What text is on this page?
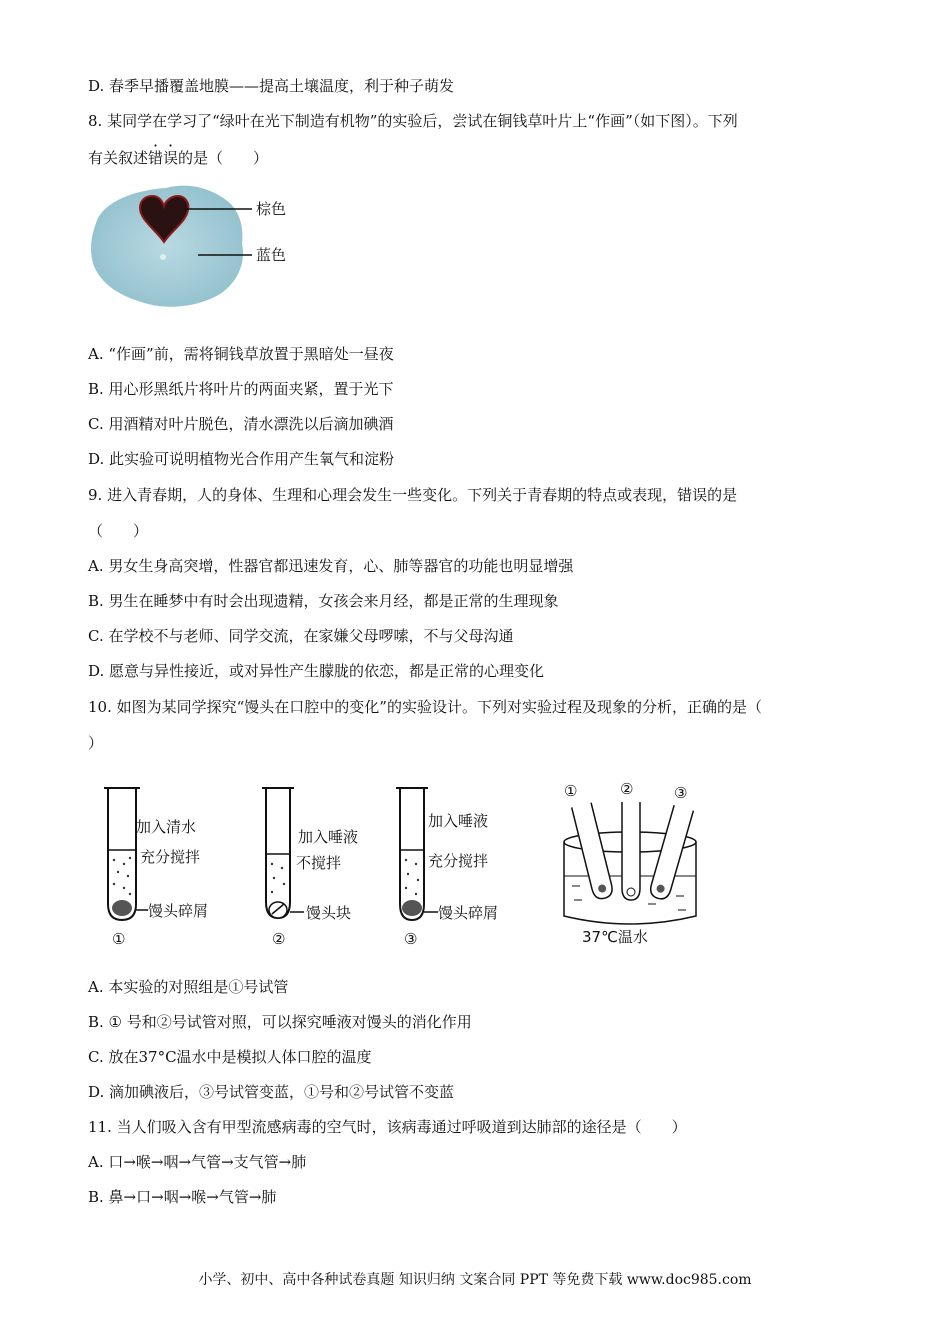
D. 春季早播覆盖地膜——提高土壤温度，利于种子萌发
8. 某同学在学习了“绿叶在光下制造有机物”的实验后，尝试在铜钱草叶片上“作画”（如下图）。下列
有关叙述错误的是（　　）
棕色
蓝色
A. “作画”前，需将铜钱草放置于黑暗处一昼夜
B. 用心形黑纸片将叶片的两面夹紧，置于光下
C. 用酒精对叶片脱色，清水漂洗以后滴加碘酒
D. 此实验可说明植物光合作用产生氧气和淀粉
9. 进入青春期，人的身体、生理和心理会发生一些变化。下列关于青春期的特点或表现，错误的是
（　　）
A. 男女生身高突增，性器官都迅速发育，心、肺等器官的功能也明显增强
B. 男生在睡梦中有时会出现遗精，女孩会来月经，都是正常的生理现象
C. 在学校不与老师、同学交流，在家嫌父母啰嗦，不与父母沟通
D. 愿意与异性接近，或对异性产生朦胧的依恋，都是正常的心理变化
10. 如图为某同学探究“馒头在口腔中的变化”的实验设计。下列对实验过程及现象的分析，正确的是（
）
加入清水
充分搅拌
馒头碎屑
①
加入唾液
不搅拌
馒头块
②
加入唾液
充分搅拌
馒头碎屑
③
①	②	③
37℃温水
A. 本实验的对照组是①号试管
B. ① 号和②号试管对照，可以探究唾液对馒头的消化作用
C. 放在37°C温水中是模拟人体口腔的温度
D. 滴加碘液后，③号试管变蓝，①号和②号试管不变蓝
11. 当人们吸入含有甲型流感病毒的空气时，该病毒通过呼吸道到达肺部的途径是（　　）
A. 口→喉→咽→气管→支气管→肺
B. 鼻→口→咽→喉→气管→肺
小学、初中、高中各种试卷真题 知识归纳 文案合同 PPT 等免费下载 www.doc985.com
